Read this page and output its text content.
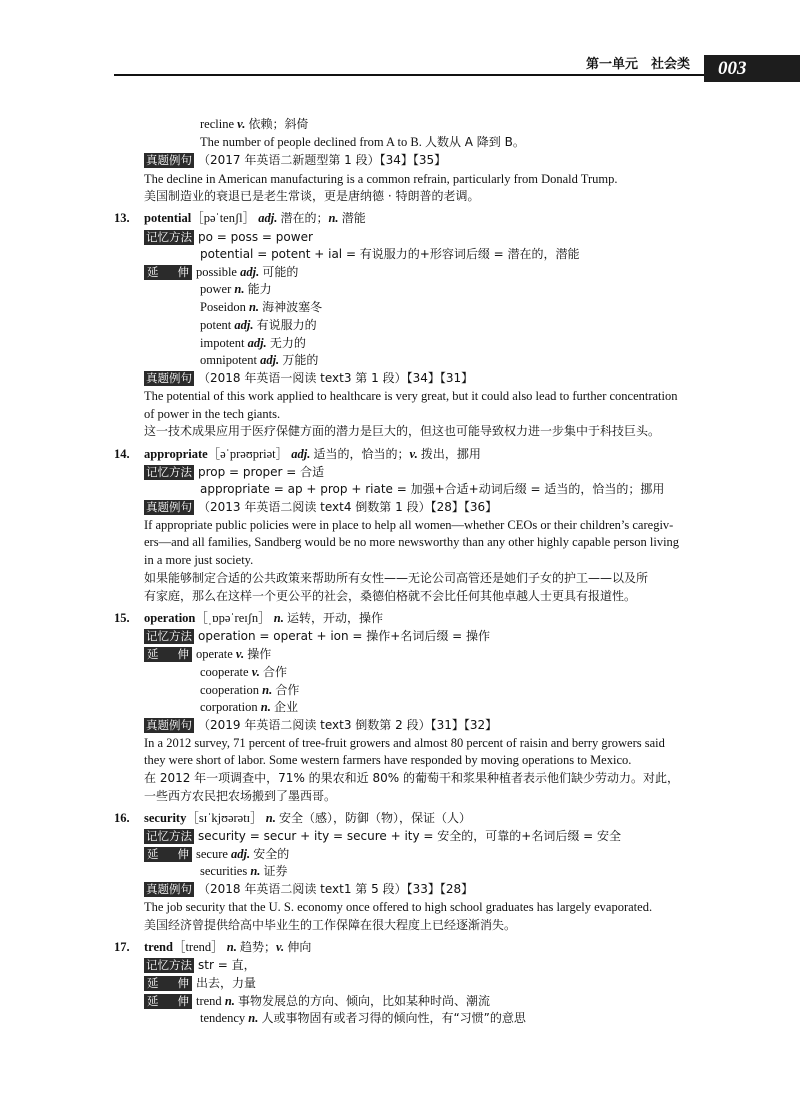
第一单元　社会类	003
recline v. 依赖；斜倚
The number of people declined from A to B. 人数从 A 降到 B。
真题例句 （2017 年英语二新题型第 1 段）【34】【35】
The decline in American manufacturing is a common refrain, particularly from Donald Trump.
美国制造业的衰退已是老生常谈，更是唐纳德 · 特朗普的老调。
13. potential［pəˈtenʃl］ adj. 潜在的；n. 潜能
记忆方法 po = poss = power
potential = potent + ial = 有说服力的+形容词后缀 = 潜在的，潜能
延　伸 possible adj. 可能的
power n. 能力
Poseidon n. 海神波塞冬
potent adj. 有说服力的
impotent adj. 无力的
omnipotent adj. 万能的
真题例句 （2018 年英语一阅读 text3 第 1 段）【34】【31】
The potential of this work applied to healthcare is very great, but it could also lead to further concentration
of power in the tech giants.
这一技术成果应用于医疗保健方面的潜力是巨大的，但这也可能导致权力进一步集中于科技巨头。
14. appropriate［əˈprəʊpriət］ adj. 适当的，恰当的；v. 拨出，挪用
记忆方法 prop = proper = 合适
appropriate = ap + prop + riate = 加强+合适+动词后缀 = 适当的，恰当的；挪用
真题例句 （2013 年英语二阅读 text4 倒数第 1 段）【28】【36】
If appropriate public policies were in place to help all women—whether CEOs or their children’s caregiv-
ers—and all families, Sandberg would be no more newsworthy than any other highly capable person living
in a more just society.
如果能够制定合适的公共政策来帮助所有女性——无论公司高管还是她们子女的护工——以及所
有家庭，那么在这样一个更公平的社会，桑德伯格就不会比任何其他卓越人士更具有报道性。
15. operation［ˌɒpəˈreɪʃn］ n. 运转，开动，操作
记忆方法 operation = operat + ion = 操作+名词后缀 = 操作
延　伸 operate v. 操作
cooperate v. 合作
cooperation n. 合作
corporation n. 企业
真题例句 （2019 年英语二阅读 text3 倒数第 2 段）【31】【32】
In a 2012 survey, 71 percent of tree-fruit growers and almost 80 percent of raisin and berry growers said
they were short of labor. Some western farmers have responded by moving operations to Mexico.
在 2012 年一项调查中，71% 的果农和近 80% 的葡萄干和浆果种植者表示他们缺少劳动力。对此，
一些西方农民把农场搬到了墨西哥。
16. security［sɪˈkjʊərətɪ］ n. 安全（感），防御（物），保证（人）
记忆方法 security = secur + ity = secure + ity = 安全的，可靠的+名词后缀 = 安全
延　伸 secure adj. 安全的
securities n. 证券
真题例句 （2018 年英语二阅读 text1 第 5 段）【33】【28】
The job security that the U. S. economy once offered to high school graduates has largely evaporated.
美国经济曾提供给高中毕业生的工作保障在很大程度上已经逐渐消失。
17. trend［trend］ n. 趋势；v. 伸向
记忆方法 str = 直，
延　伸 出去，力量
延　伸 trend n. 事物发展总的方向、倾向，比如某种时尚、潮流
tendency n. 人或事物固有或者习得的倾向性，有“习惯”的意思
